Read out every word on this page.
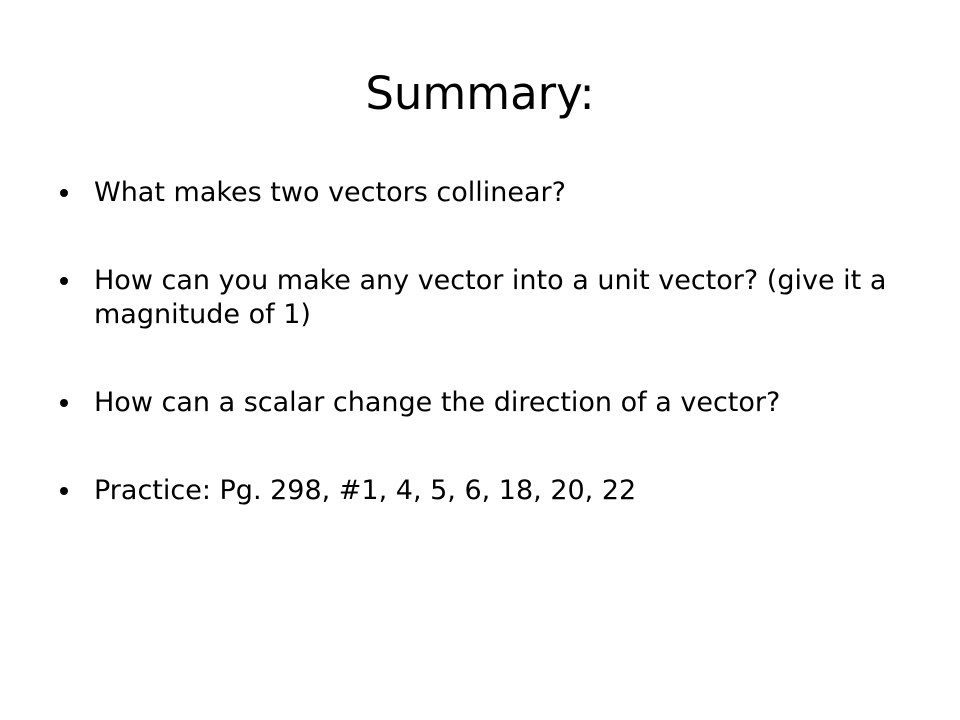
Summary:
What makes two vectors collinear?
How can you make any vector into a unit vector? (give it a magnitude of 1)
How can a scalar change the direction of a vector?
Practice: Pg. 298, #1, 4, 5, 6, 18, 20, 22
